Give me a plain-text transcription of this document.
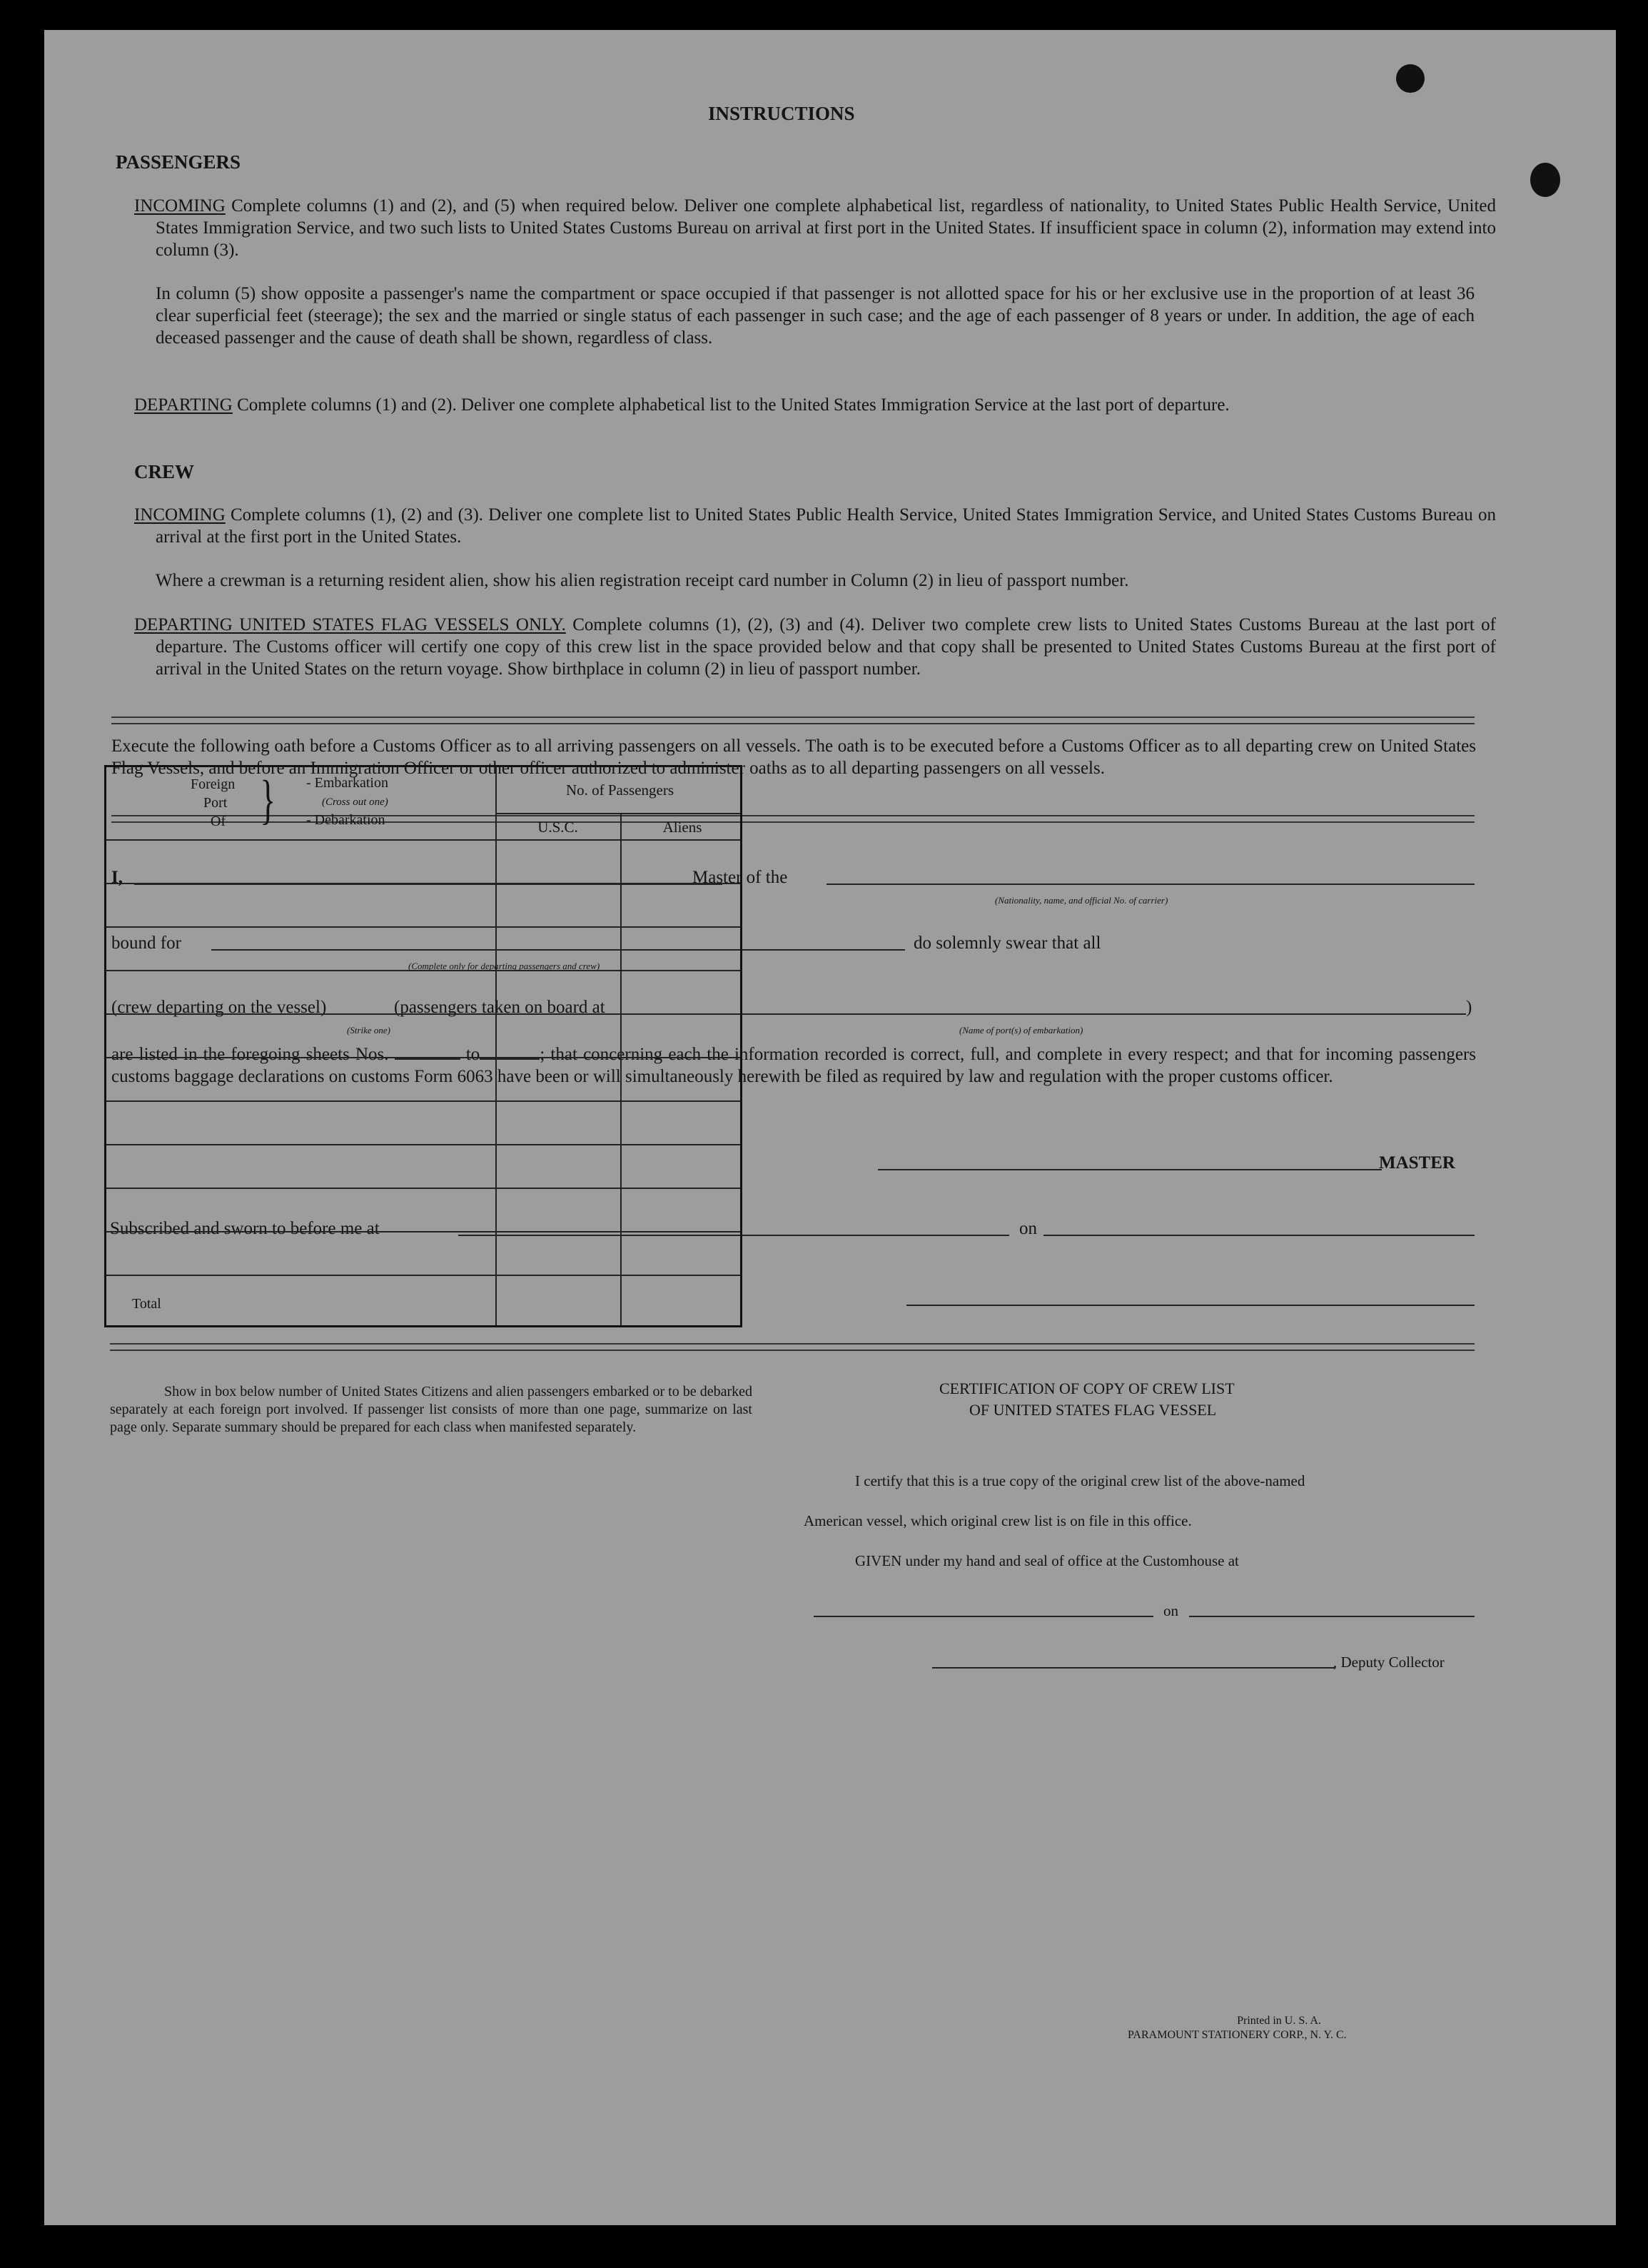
INSTRUCTIONS
PASSENGERS
INCOMING Complete columns (1) and (2), and (5) when required below. Deliver one complete alphabetical list, regardless of nationality, to United States Public Health Service, United States Immigration Service, and two such lists to United States Customs Bureau on arrival at first port in the United States. If insufficient space in column (2), information may extend into column (3).
In column (5) show opposite a passenger's name the compartment or space occupied if that passenger is not allotted space for his or her exclusive use in the proportion of at least 36 clear superficial feet (steerage); the sex and the married or single status of each passenger in such case; and the age of each passenger of 8 years or under. In addition, the age of each deceased passenger and the cause of death shall be shown, regardless of class.
DEPARTING Complete columns (1) and (2). Deliver one complete alphabetical list to the United States Immigration Service at the last port of departure.
CREW
INCOMING Complete columns (1), (2) and (3). Deliver one complete list to United States Public Health Service, United States Immigration Service, and United States Customs Bureau on arrival at the first port in the United States.
Where a crewman is a returning resident alien, show his alien registration receipt card number in Column (2) in lieu of passport number.
DEPARTING UNITED STATES FLAG VESSELS ONLY. Complete columns (1), (2), (3) and (4). Deliver two complete crew lists to United States Customs Bureau at the last port of departure. The Customs officer will certify one copy of this crew list in the space provided below and that copy shall be presented to United States Customs Bureau at the first port of arrival in the United States on the return voyage. Show birthplace in column (2) in lieu of passport number.
Execute the following oath before a Customs Officer as to all arriving passengers on all vessels. The oath is to be executed before a Customs Officer as to all departing crew on United States Flag Vessels, and before an Immigration Officer or other officer authorized to administer oaths as to all departing passengers on all vessels.
I,	Master of the
(Nationality, name, and official No. of carrier)
bound for
(Complete only for departing passengers and crew)
do solemnly swear that all
(crew departing on the vessel)
(Strike one)
(passengers taken on board at	)
(Name of port(s) of embarkation)
are listed in the foregoing sheets Nos.	to	; that concerning each the information recorded is correct, full, and complete in every respect; and that for incoming passengers customs baggage declarations on customs Form 6063 have been or will simultaneously herewith be filed as required by law and regulation with the proper customs officer.
MASTER
Subscribed and sworn to before me at	on
Show in box below number of United States Citizens and alien passengers embarked or to be debarked separately at each foreign port involved. If passenger list consists of more than one page, summarize on last page only. Separate summary should be prepared for each class when manifested separately.
Foreign
Port
Of } - Embarkation
(Cross out one)
- Debarkation
No. of Passengers
U.S.C.	Aliens
Total
CERTIFICATION OF COPY OF CREW LIST
OF UNITED STATES FLAG VESSEL
I certify that this is a true copy of the original crew list of the above-named
American vessel, which original crew list is on file in this office.
GIVEN under my hand and seal of office at the Customhouse at
on
, Deputy Collector
Printed in U. S. A.
PARAMOUNT STATIONERY CORP., N. Y. C.
